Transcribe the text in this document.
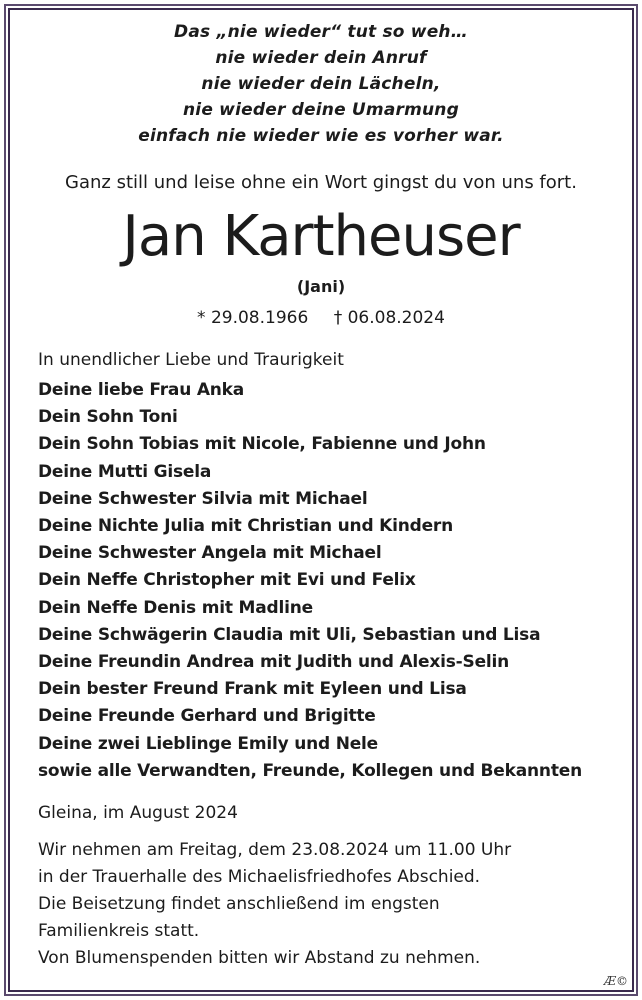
Das „nie wieder“ tut so weh…
nie wieder dein Anruf
nie wieder dein Lächeln,
nie wieder deine Umarmung
einfach nie wieder wie es vorher war.
Ganz still und leise ohne ein Wort gingst du von uns fort.
Jan Kartheuser
(Jani)
* 29.08.1966 † 06.08.2024
In unendlicher Liebe und Traurigkeit
Deine liebe Frau Anka
Dein Sohn Toni
Dein Sohn Tobias mit Nicole, Fabienne und John
Deine Mutti Gisela
Deine Schwester Silvia mit Michael
Deine Nichte Julia mit Christian und Kindern
Deine Schwester Angela mit Michael
Dein Neffe Christopher mit Evi und Felix
Dein Neffe Denis mit Madline
Deine Schwägerin Claudia mit Uli, Sebastian und Lisa
Deine Freundin Andrea mit Judith und Alexis-Selin
Dein bester Freund Frank mit Eyleen und Lisa
Deine Freunde Gerhard und Brigitte
Deine zwei Lieblinge Emily und Nele
sowie alle Verwandten, Freunde, Kollegen und Bekannten
Gleina, im August 2024
Wir nehmen am Freitag, dem 23.08.2024 um 11.00 Uhr
in der Trauerhalle des Michaelisfriedhofes Abschied.
Die Beisetzung findet anschließend im engsten
Familienkreis statt.
Von Blumenspenden bitten wir Abstand zu nehmen.
Æ©
